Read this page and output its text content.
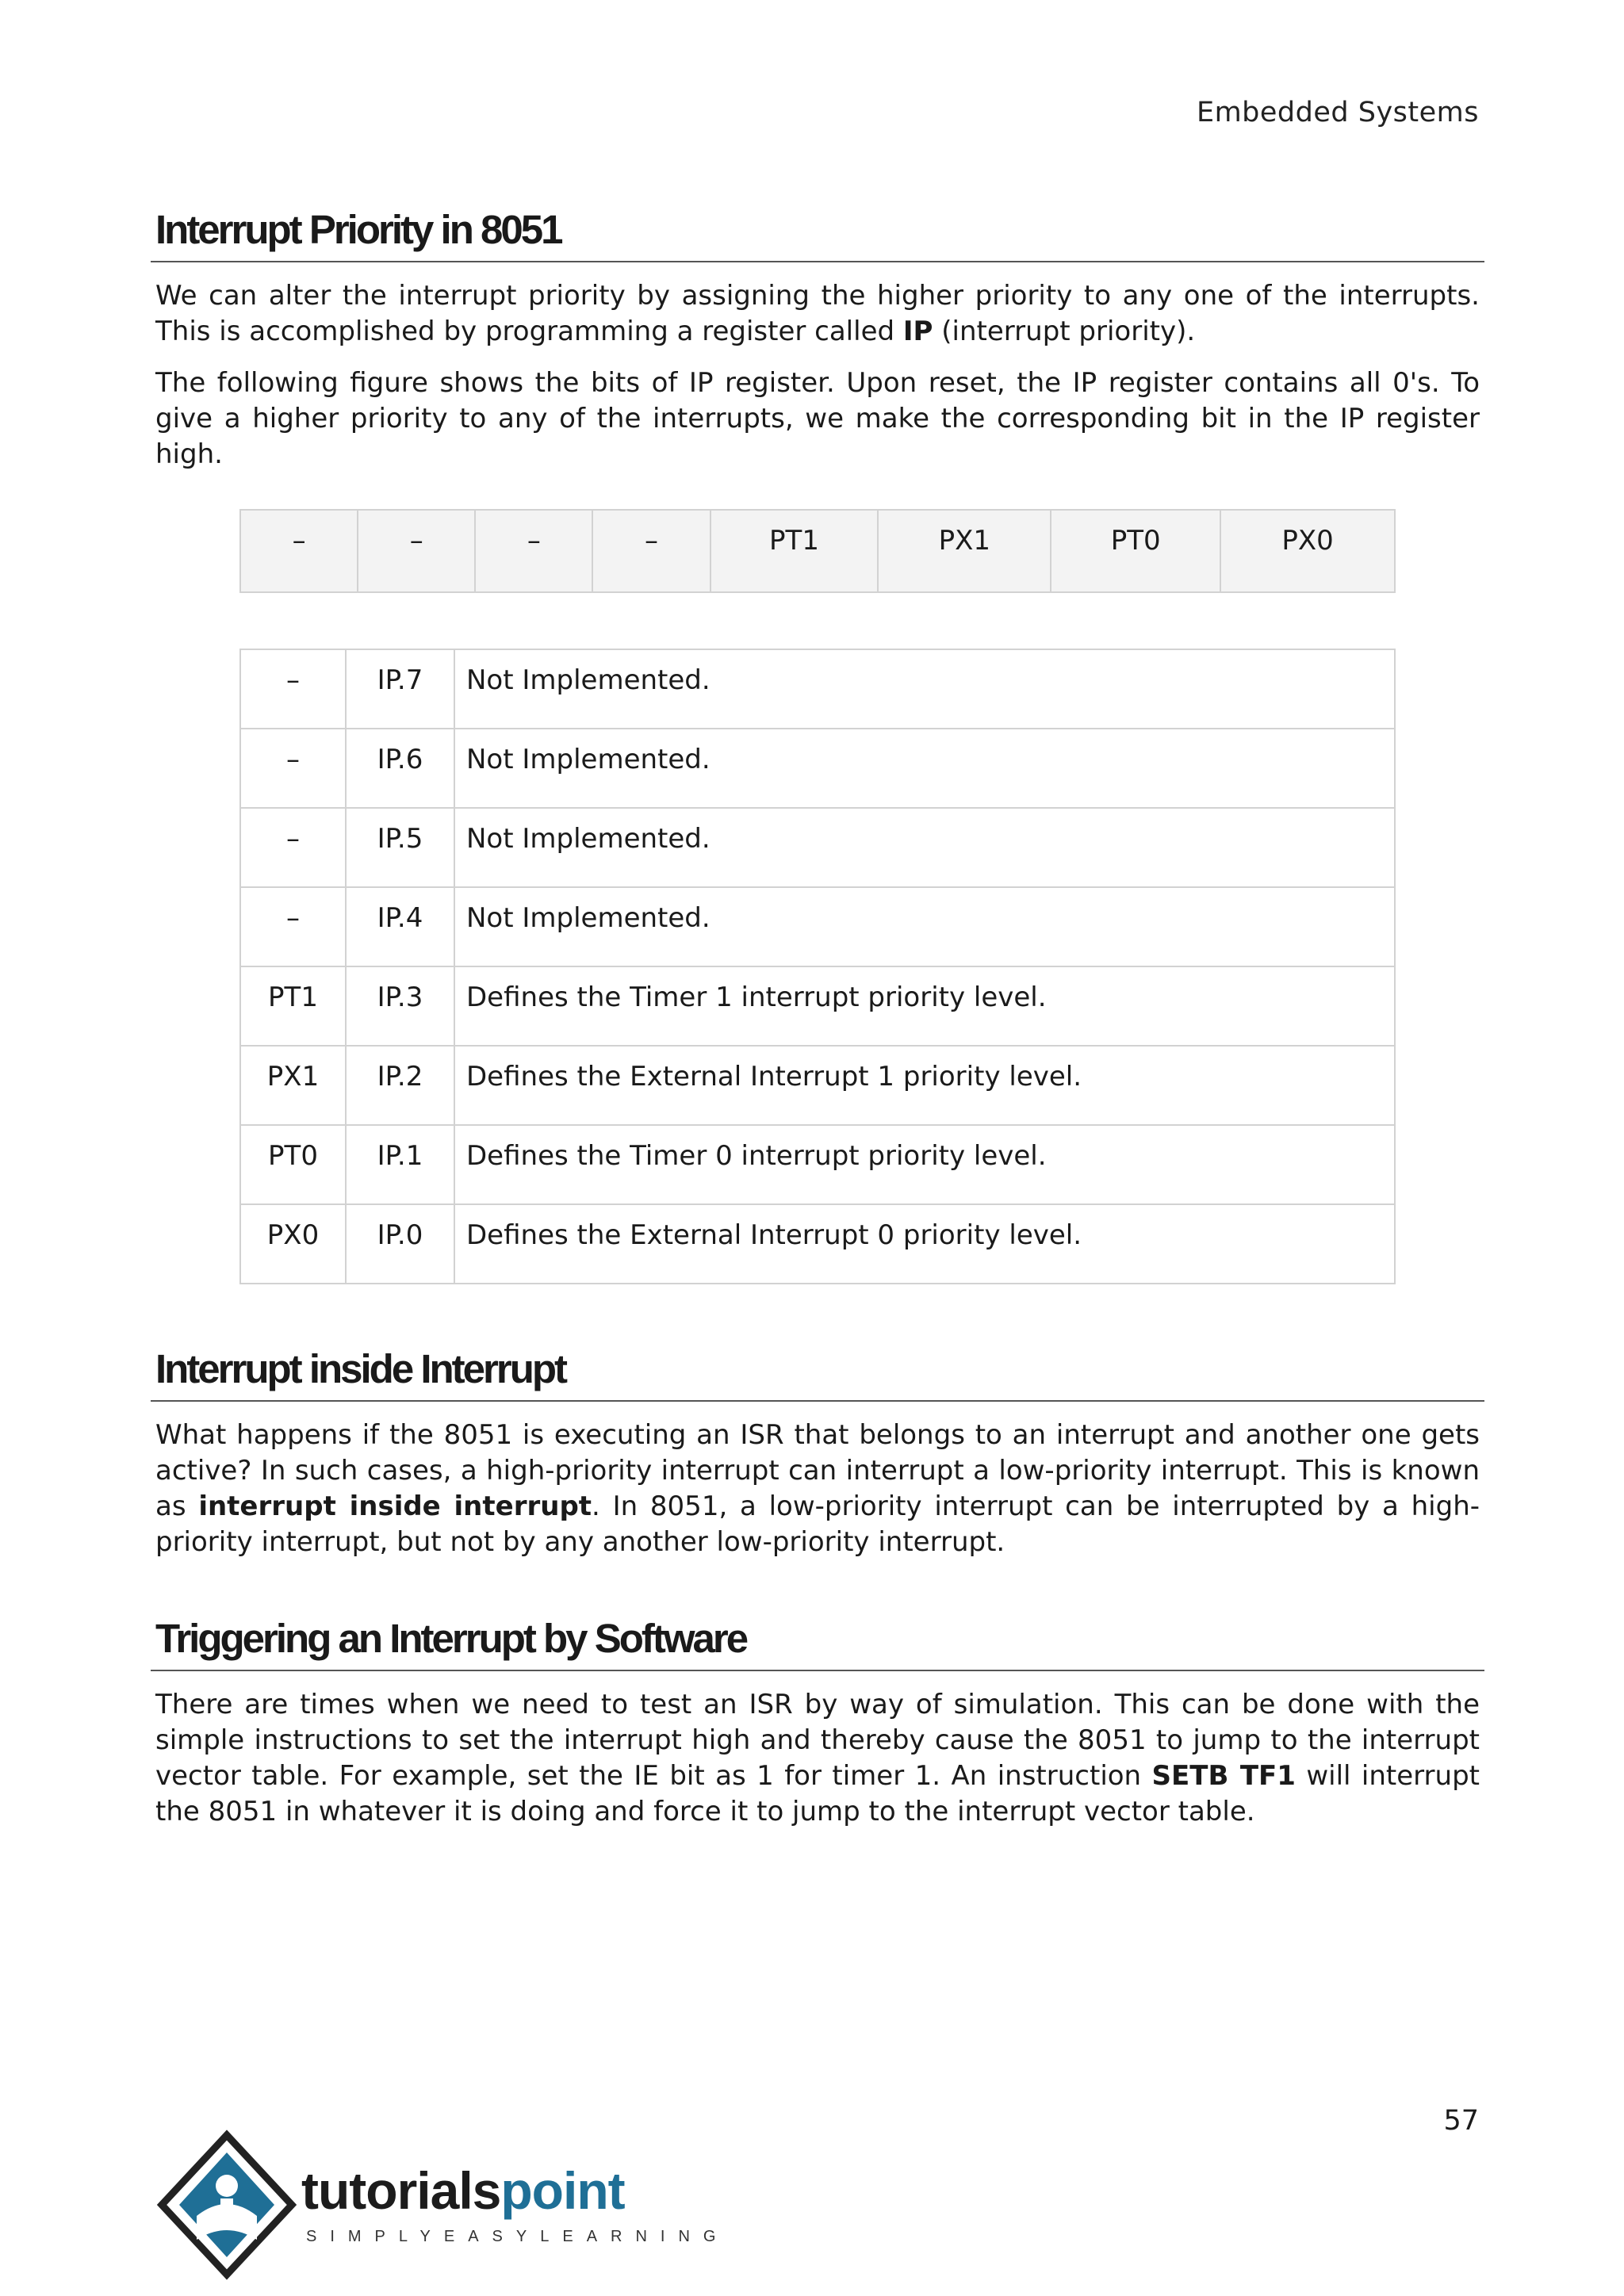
Embedded Systems
Interrupt Priority in 8051

We can alter the interrupt priority by assigning the higher priority to any one of the interrupts. This is accomplished by programming a register called IP (interrupt priority).

The following figure shows the bits of IP register. Upon reset, the IP register contains all 0's. To give a higher priority to any of the interrupts, we make the corresponding bit in the IP register high.

–	–	–	–	PT1	PX1	PT0	PX0
–	IP.7	Not Implemented.
–	IP.6	Not Implemented.
–	IP.5	Not Implemented.
–	IP.4	Not Implemented.
PT1	IP.3	Defines the Timer 1 interrupt priority level.
PX1	IP.2	Defines the External Interrupt 1 priority level.
PT0	IP.1	Defines the Timer 0 interrupt priority level.
PX0	IP.0	Defines the External Interrupt 0 priority level.
Interrupt inside Interrupt

What happens if the 8051 is executing an ISR that belongs to an interrupt and another one gets active? In such cases, a high-priority interrupt can interrupt a low-priority interrupt. This is known as interrupt inside interrupt. In 8051, a low-priority interrupt can be interrupted by a high-priority interrupt, but not by any another low-priority interrupt.

Triggering an Interrupt by Software

There are times when we need to test an ISR by way of simulation. This can be done with the simple instructions to set the interrupt high and thereby cause the 8051 to jump to the interrupt vector table. For example, set the IE bit as 1 for timer 1. An instruction SETB TF1 will interrupt the 8051 in whatever it is doing and force it to jump to the interrupt vector table.

57
tutorialspoint
SIMPLYEASYLEARNING
